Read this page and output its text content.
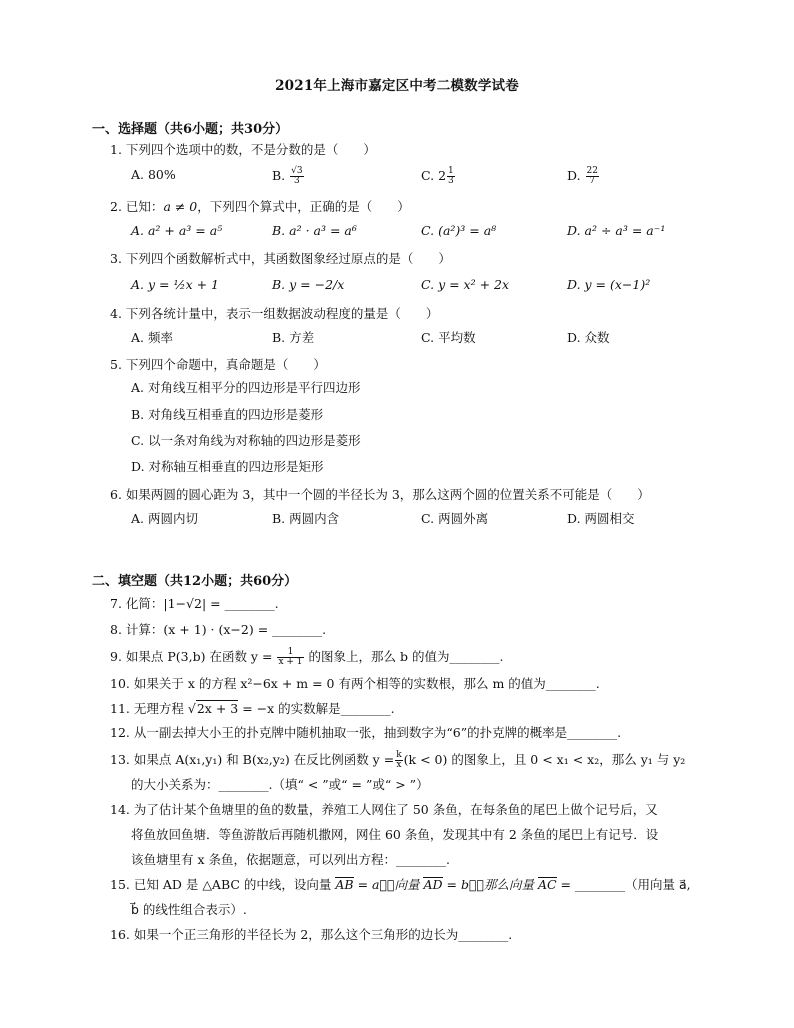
2021年上海市嘉定区中考二模数学试卷
一、选择题（共6小题；共30分）
1. 下列四个选项中的数，不是分数的是（　　）
A. 80%	B. $\frac{√3}{3}$	C. $2 \frac{1}{3}$	D. $\frac{22}{7}$
2. 已知：a ≠ 0，下列四个算式中，正确的是（　　）
A. a² + a³ = a⁵	B. a² · a³ = a⁶	C. (a²)³ = a⁸	D. a² ÷ a³ = a⁻¹
3. 下列四个函数解析式中，其函数图象经过原点的是（　　）
A. y = ½x + 1	B. y = −2/x	C. y = x² + 2x	D. y = (x−1)²
4. 下列各统计量中，表示一组数据波动程度的量是（　　）
A. 频率	B. 方差	C. 平均数	D. 众数
5. 下列四个命题中，真命题是（　　）
A. 对角线互相平分的四边形是平行四边形
B. 对角线互相垂直的四边形是菱形
C. 以一条对角线为对称轴的四边形是菱形
D. 对称轴互相垂直的四边形是矩形
6. 如果两圆的圆心距为 3，其中一个圆的半径长为 3，那么这两个圆的位置关系不可能是（　　）
A. 两圆内切	B. 两圆内含	C. 两圆外离	D. 两圆相交
二、填空题（共12小题；共60分）
7. 化简：|1−√2| = ________.
8. 计算：(x + 1) · (x−2) = ________.
9. 如果点 P(3,b) 在函数 $y = \frac{1}{x + 1}$ 的图象上，那么 b 的值为________.
10. 如果关于 x 的方程 x²−6x + m = 0 有两个相等的实数根，那么 m 的值为________.
11. 无理方程 √2x + 3 = −x 的实数解是________.
12. 从一副去掉大小王的扑克牌中随机抽取一张，抽到数字为“6”的扑克牌的概率是________.
13. 如果点 A(x₁,y₁) 和 B(x₂,y₂) 在反比例函数 $y = \frac{k}{x} (k < 0)$ 的图象上，且 0 < x₁ < x₂，那么 y₁ 与 y₂
的大小关系为：________.（填“ < ”或“ = ”或“ > ”）
14. 为了估计某个鱼塘里的鱼的数量，养殖工人网住了 50 条鱼，在每条鱼的尾巴上做个记号后，又
将鱼放回鱼塘．等鱼游散后再随机撒网，网住 60 条鱼，发现其中有 2 条鱼的尾巴上有记号．设
该鱼塘里有 x 条鱼，依据题意，可以列出方程：________.
15. 已知 AD 是 △ABC 的中线，设向量 AB = a⃗，向量 AD = b⃗，那么向量 AC = ________（用向量 a⃗,
b⃗ 的线性组合表示）.
16. 如果一个正三角形的半径长为 2，那么这个三角形的边长为________.
